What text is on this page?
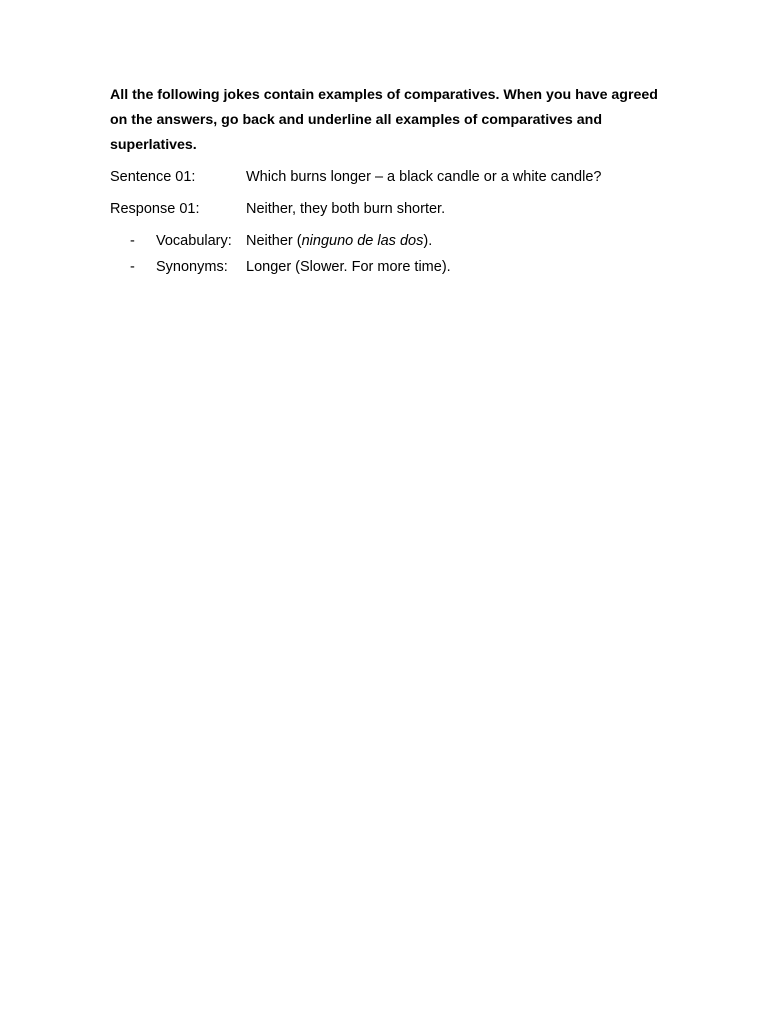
All the following jokes contain examples of comparatives. When you have agreed on the answers, go back and underline all examples of comparatives and superlatives.

Sentence 01:	Which burns longer – a black candle or a white candle?
Response 01:	Neither, they both burn shorter.
- Vocabulary: Neither (ninguno de las dos).
- Synonyms: Longer (Slower. For more time).
